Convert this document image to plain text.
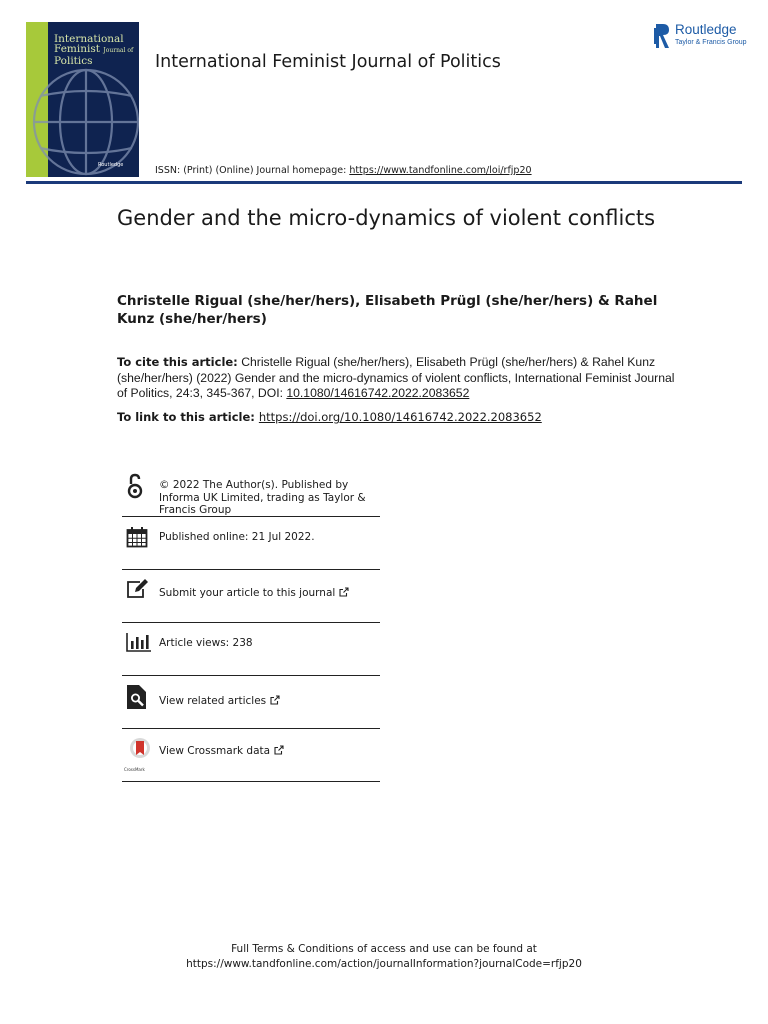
International
Feminist Journal of
Politics

Routledge
International Feminist Journal of Politics
Routledge
Taylor & Francis Group
ISSN: (Print) (Online) Journal homepage: https://www.tandfonline.com/loi/rfjp20
Gender and the micro-dynamics of violent conflicts
Christelle Rigual (she/her/hers), Elisabeth Prügl (she/her/hers) & Rahel Kunz (she/her/hers)
To cite this article: Christelle Rigual (she/her/hers), Elisabeth Prügl (she/her/hers) & Rahel Kunz (she/her/hers) (2022) Gender and the micro-dynamics of violent conflicts, International Feminist Journal of Politics, 24:3, 345-367, DOI: 10.1080/14616742.2022.2083652
To link to this article: https://doi.org/10.1080/14616742.2022.2083652
© 2022 The Author(s). Published by Informa UK Limited, trading as Taylor & Francis Group
Published online: 21 Jul 2022.
Submit your article to this journal
Article views: 238
View related articles
CrossMark
View Crossmark data
Full Terms & Conditions of access and use can be found at
https://www.tandfonline.com/action/journalInformation?journalCode=rfjp20
